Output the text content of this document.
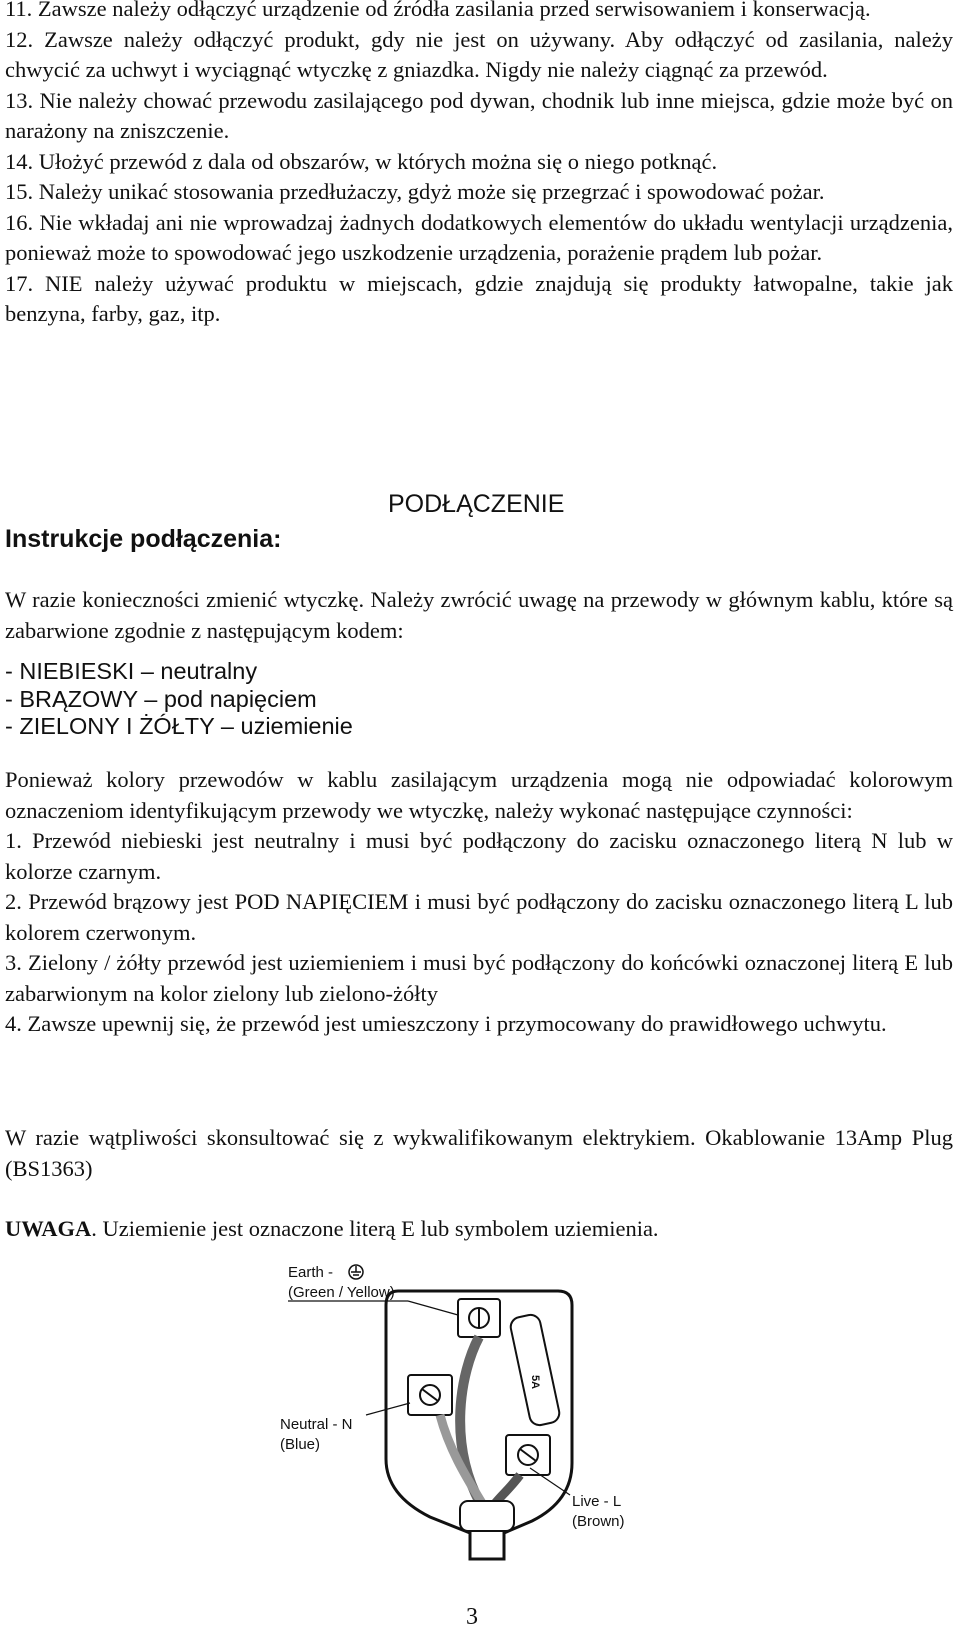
11. Zawsze należy odłączyć urządzenie od źródła zasilania przed serwisowaniem i konserwacją.

12. Zawsze należy odłączyć produkt, gdy nie jest on używany. Aby odłączyć od zasilania, należy chwycić za uchwyt i wyciągnąć wtyczkę z gniazdka. Nigdy nie należy ciągnąć za przewód.

13. Nie należy chować przewodu zasilającego pod dywan, chodnik lub inne miejsca, gdzie może być on narażony na zniszczenie.

14. Ułożyć przewód z dala od obszarów, w których można się o niego potknąć.

15. Należy unikać stosowania przedłużaczy, gdyż może się przegrzać i spowodować pożar.

16. Nie wkładaj ani nie wprowadzaj żadnych dodatkowych elementów do układu wentylacji urządzenia, ponieważ może to spowodować jego uszkodzenie urządzenia, porażenie prądem lub pożar.

17. NIE należy używać produktu w miejscach, gdzie znajdują się produkty łatwopalne, takie jak benzyna, farby, gaz, itp.

PODŁĄCZENIE
Instrukcje podłączenia:

W razie konieczności zmienić wtyczkę. Należy zwrócić uwagę na przewody w głównym kablu, które są zabarwione zgodnie z następującym kodem:

- NIEBIESKI – neutralny
- BRĄZOWY – pod napięciem
- ZIELONY I ŻÓŁTY – uziemienie

Ponieważ kolory przewodów w kablu zasilającym urządzenia mogą nie odpowiadać kolorowym oznaczeniom identyfikującym przewody we wtyczkę, należy wykonać następujące czynności:

1. Przewód niebieski jest neutralny i musi być podłączony do zacisku oznaczonego literą N lub w kolorze czarnym.

2. Przewód brązowy jest POD NAPIĘCIEM i musi być podłączony do zacisku oznaczonego literą L lub kolorem czerwonym.

3. Zielony / żółty przewód jest uziemieniem i musi być podłączony do końcówki oznaczonej literą E lub zabarwionym na kolor zielony lub zielono-żółty

4. Zawsze upewnij się, że przewód jest umieszczony i przymocowany do prawidłowego uchwytu.

W razie wątpliwości skonsultować się z wykwalifikowanym elektrykiem. Okablowanie 13Amp Plug (BS1363)

UWAGA. Uziemienie jest oznaczone literą E lub symbolem uziemienia.

5A
Earth -
(Green / Yellow)
Neutral - N
(Blue)
Live - L
(Brown)
3
